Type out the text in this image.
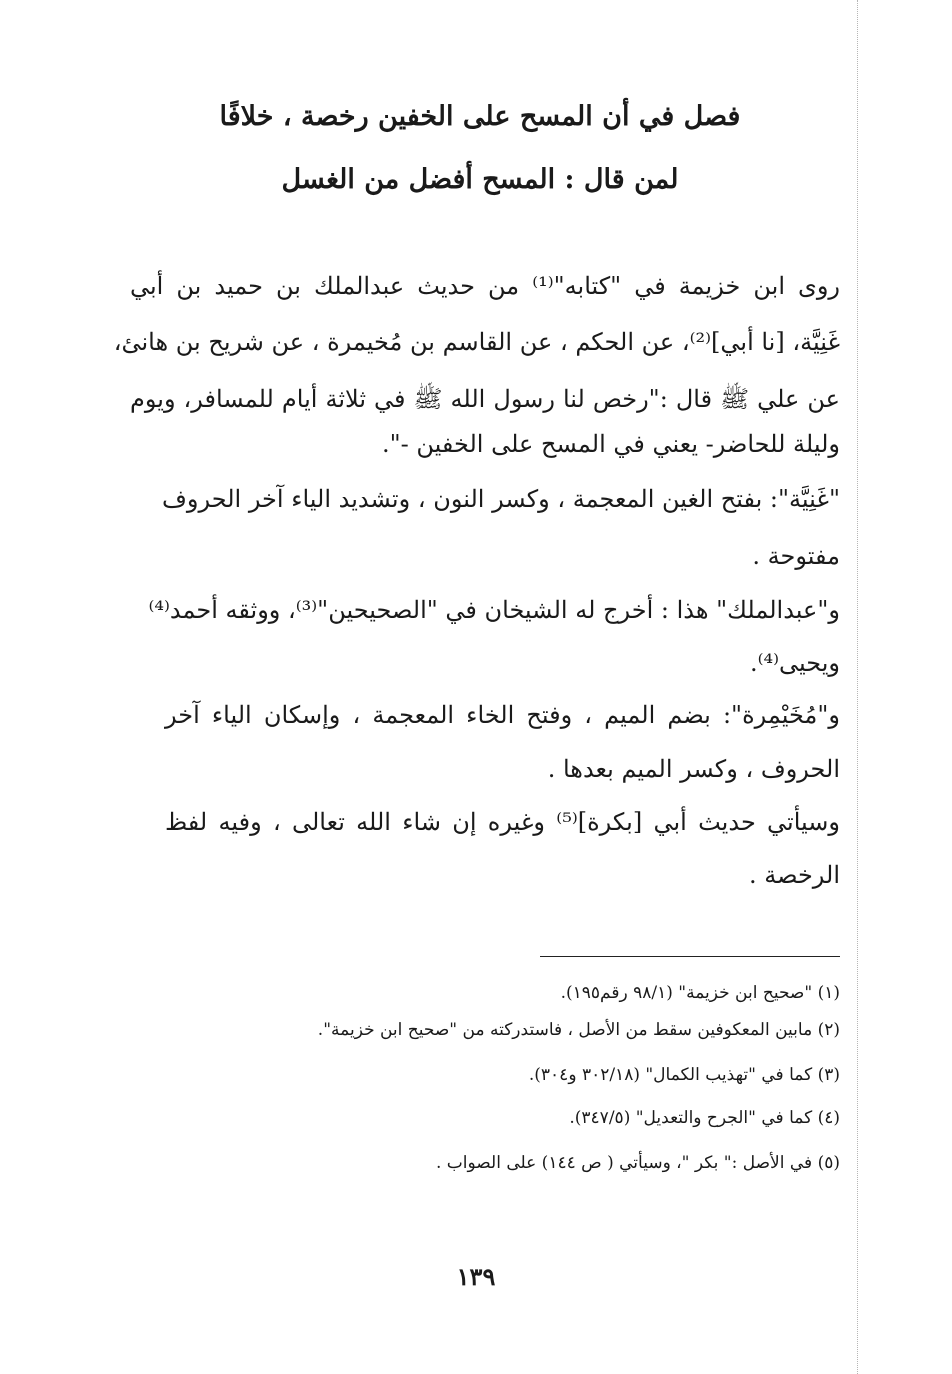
فصل في أن المسح على الخفين رخصة ، خلافًا
لمن قال : المسح أفضل من الغسل
روى ابن خزيمة في "كتابه"⁽¹⁾ من حديث عبدالملك بن حميد بن أبي
غَنِيَّة، [نا أبي]⁽²⁾، عن الحكم ، عن القاسم بن مُخيمرة ، عن شريح بن هانئ،
عن علي ﷺ قال :"رخص لنا رسول الله ﷺ في ثلاثة أيام للمسافر، ويوم
وليلة للحاضر- يعني في المسح على الخفين -".
"غَنِيَّة": بفتح الغين المعجمة ، وكسر النون ، وتشديد الياء آخر الحروف
مفتوحة .
و"عبدالملك" هذا : أخرج له الشيخان في "الصحيحين"⁽³⁾، ووثقه أحمد⁽⁴⁾
ويحيى⁽⁴⁾.
و"مُخَيْمِرة": بضم الميم ، وفتح الخاء المعجمة ، وإسكان الياء آخر
الحروف ، وكسر الميم بعدها .
وسيأتي حديث أبي [بكرة]⁽⁵⁾ وغيره إن شاء الله تعالى ، وفيه لفظ
الرخصة .
(١) "صحيح ابن خزيمة" (٩٨/١ رقم١٩٥).
(٢) مابين المعكوفين سقط من الأصل ، فاستدركته من "صحيح ابن خزيمة".
(٣) كما في "تهذيب الكمال" (٣٠٢/١٨ و٣٠٤).
(٤) كما في "الجرح والتعديل" (٣٤٧/٥).
(٥) في الأصل :" بكر "، وسيأتي ( ص ١٤٤) على الصواب .
١٣٩
